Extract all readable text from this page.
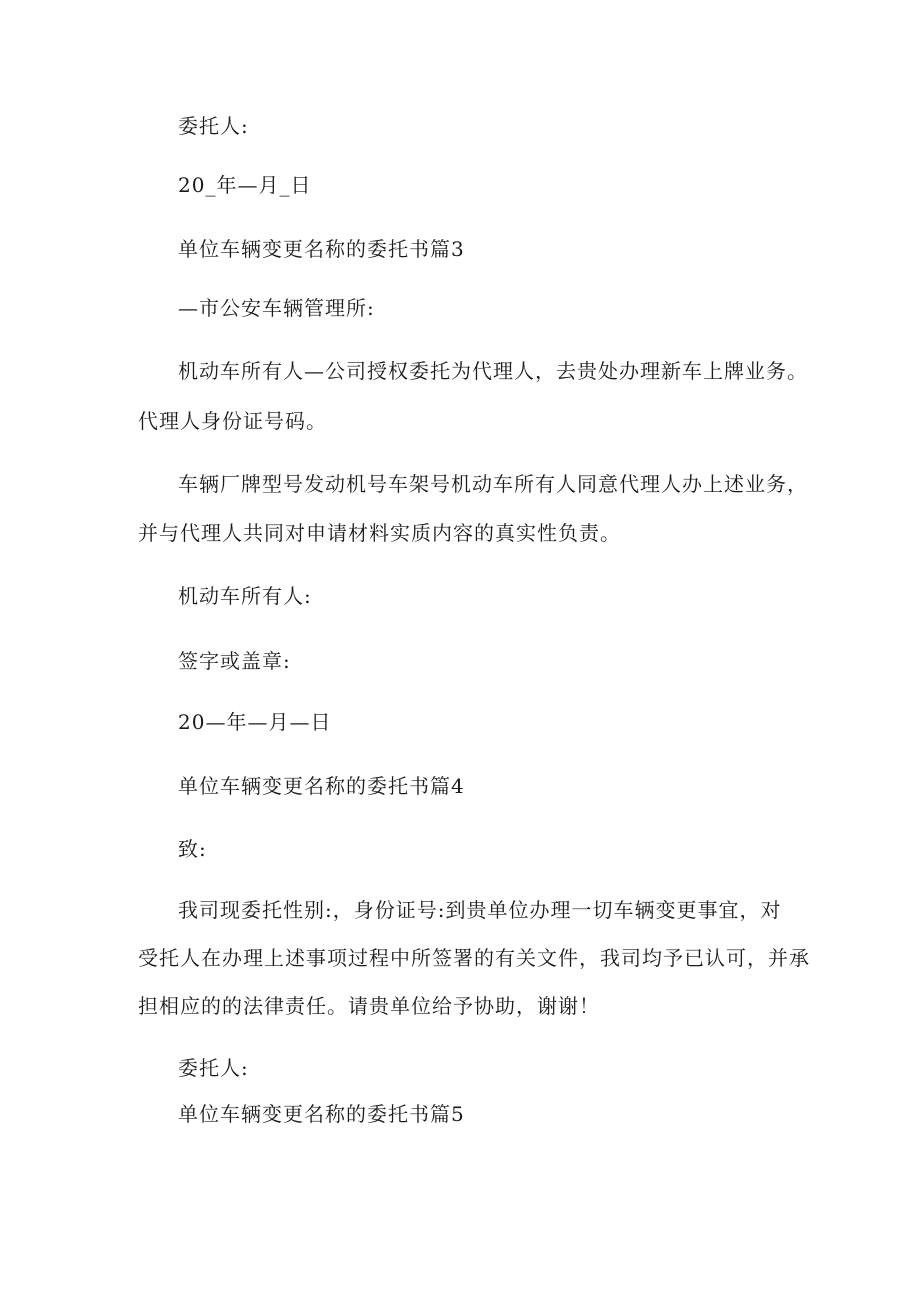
委托人:
20_年—月_日
单位车辆变更名称的委托书篇3
—市公安车辆管理所:
机动车所有人—公司授权委托为代理人，去贵处办理新车上牌业务。
代理人身份证号码。
车辆厂牌型号发动机号车架号机动车所有人同意代理人办上述业务，
并与代理人共同对申请材料实质内容的真实性负责。
机动车所有人:
签字或盖章:
20—年—月—日
单位车辆变更名称的委托书篇4
致:
我司现委托性别:，身份证号:到贵单位办理一切车辆变更事宜，对
受托人在办理上述事项过程中所签署的有关文件，我司均予已认可，并承
担相应的的法律责任。请贵单位给予协助，谢谢！
委托人:
单位车辆变更名称的委托书篇5
